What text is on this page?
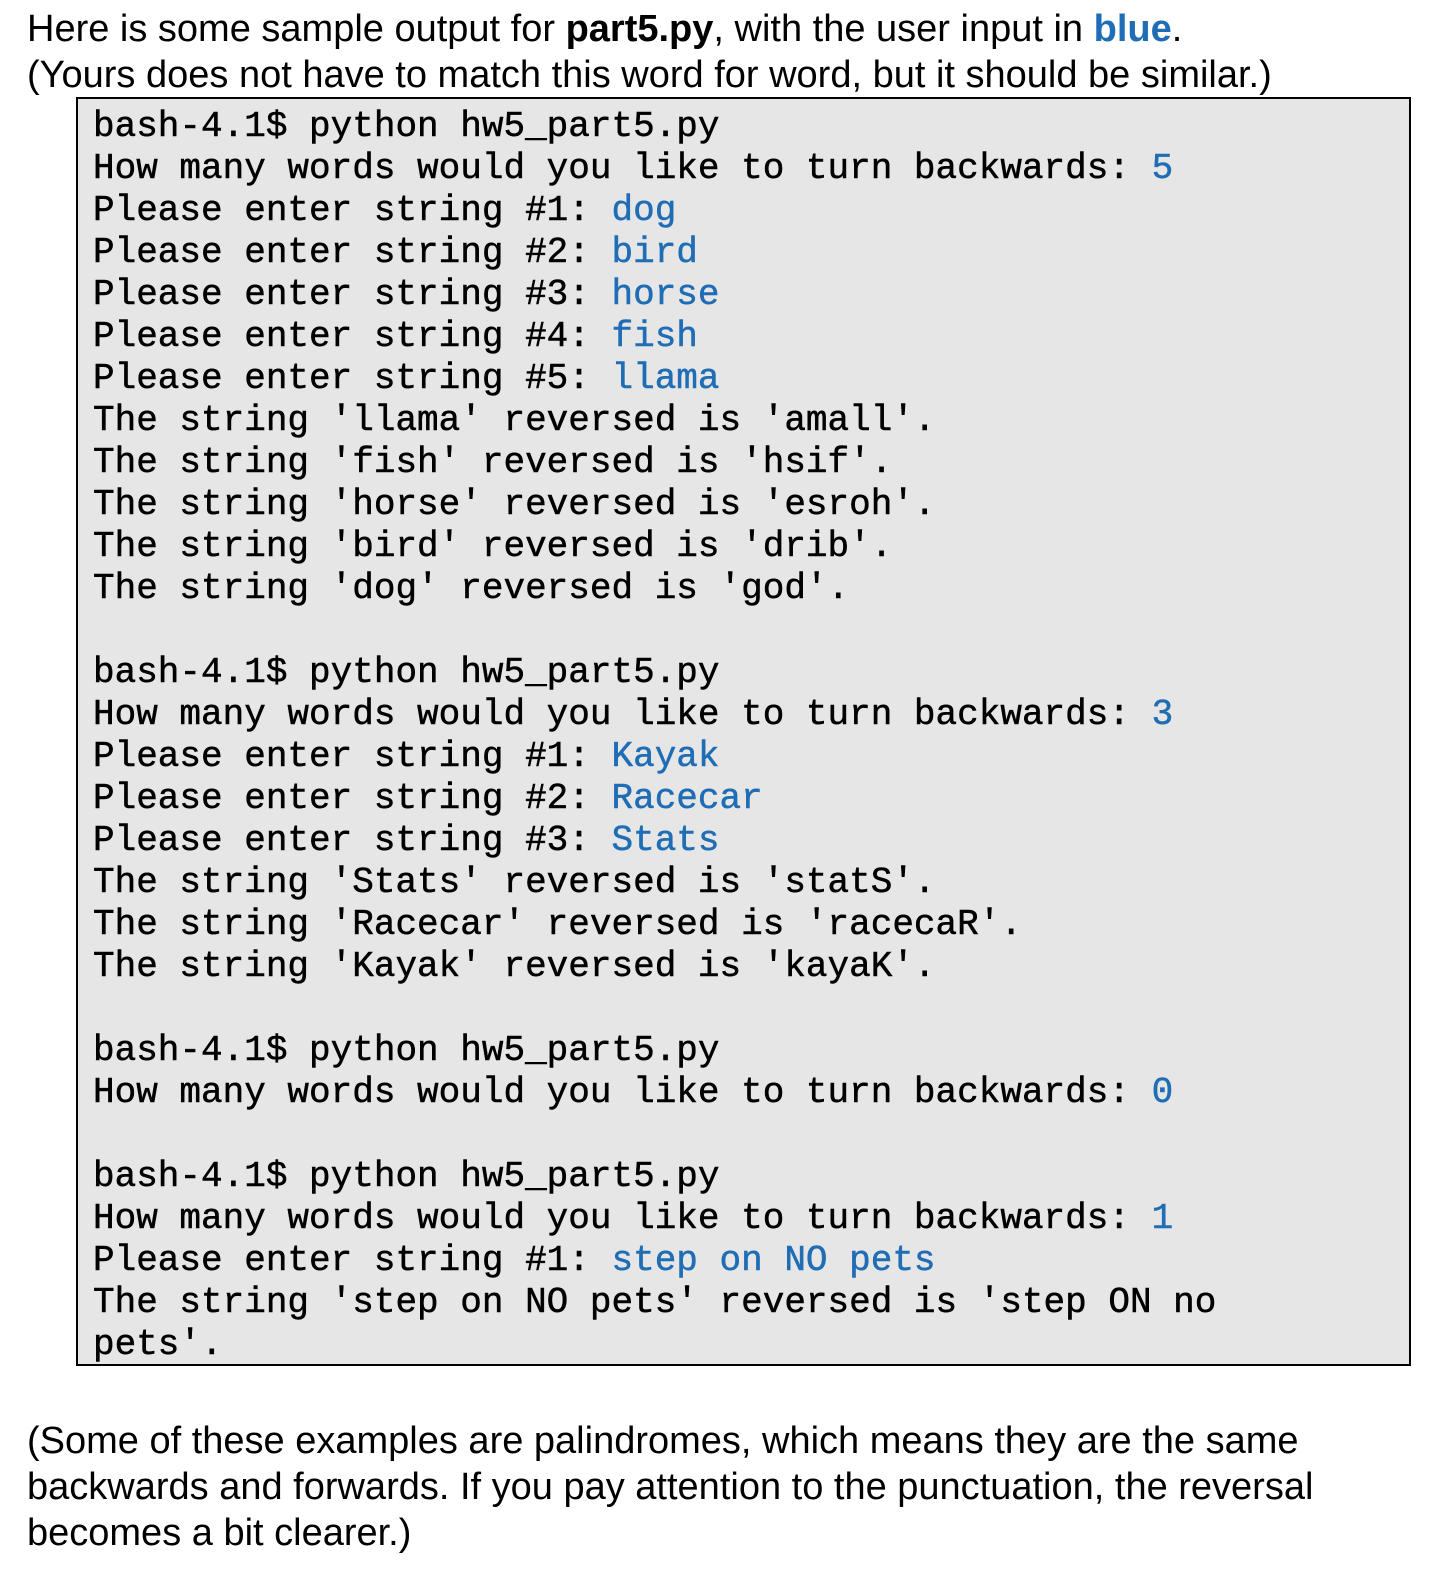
Here is some sample output for part5.py, with the user input in blue.
(Yours does not have to match this word for word, but it should be similar.)
bash-4.1$ python hw5_part5.py
How many words would you like to turn backwards: 5
Please enter string #1: dog
Please enter string #2: bird
Please enter string #3: horse
Please enter string #4: fish
Please enter string #5: llama
The string 'llama' reversed is 'amall'.
The string 'fish' reversed is 'hsif'.
The string 'horse' reversed is 'esroh'.
The string 'bird' reversed is 'drib'.
The string 'dog' reversed is 'god'.
bash-4.1$ python hw5_part5.py
How many words would you like to turn backwards: 3
Please enter string #1: Kayak
Please enter string #2: Racecar
Please enter string #3: Stats
The string 'Stats' reversed is 'statS'.
The string 'Racecar' reversed is 'racecaR'.
The string 'Kayak' reversed is 'kayaK'.
bash-4.1$ python hw5_part5.py
How many words would you like to turn backwards: 0
bash-4.1$ python hw5_part5.py
How many words would you like to turn backwards: 1
Please enter string #1: step on NO pets
The string 'step on NO pets' reversed is 'step ON no
pets'.
(Some of these examples are palindromes, which means they are the same backwards and forwards. If you pay attention to the punctuation, the reversal becomes a bit clearer.)
